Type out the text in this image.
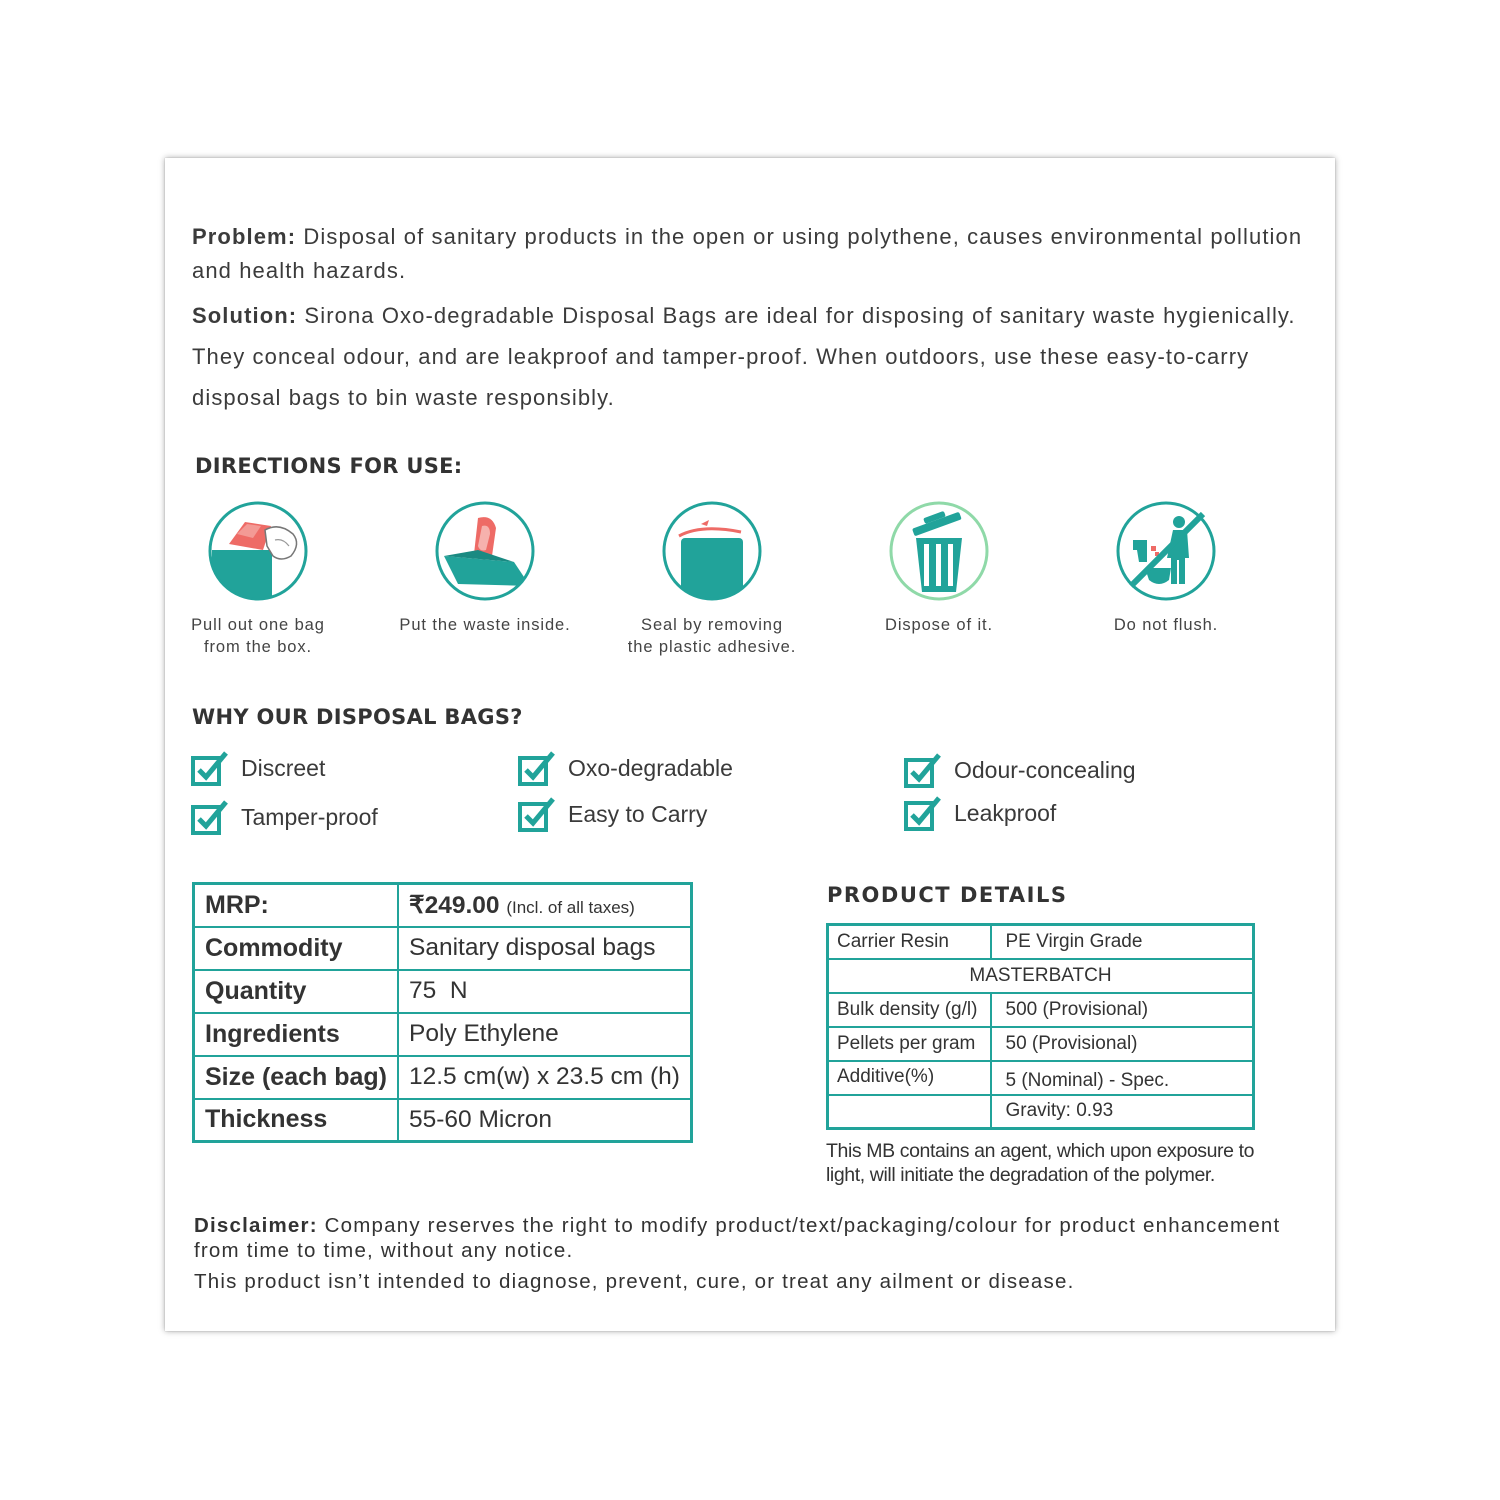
Problem: Disposal of sanitary products in the open or using polythene, causes environmental pollution and health hazards.

Solution: Sirona Oxo-degradable Disposal Bags are ideal for disposing of sanitary waste hygienically. They conceal odour, and are leakproof and tamper-proof. When outdoors, use these easy-to-carry disposal bags to bin waste responsibly.

DIRECTIONS FOR USE:
Pull out one bag
from the box.
Put the waste inside.	Seal by removing
the plastic adhesive.
Dispose of it.	Do not flush.
WHY OUR DISPOSAL BAGS?
Discreet
Tamper-proof
Oxo-degradable
Easy to Carry
Odour-concealing
Leakproof
MRP:	₹249.00 (Incl. of all taxes)
Commodity	Sanitary disposal bags
Quantity	75  N
Ingredients	Poly Ethylene
Size (each bag)	12.5 cm(w) x 23.5 cm (h)
Thickness	55-60 Micron
PRODUCT DETAILS
Carrier Resin	PE Virgin Grade
MASTERBATCH	
Bulk density (g/l)	500 (Provisional)
Pellets per gram	50 (Provisional)
Additive(%)	5 (Nominal) - Spec.
	Gravity: 0.93
This MB contains an agent, which upon exposure to light, will initiate the degradation of the polymer.

Disclaimer: Company reserves the right to modify product/text/packaging/colour for product enhancement from time to time, without any notice.

This product isn’t intended to diagnose, prevent, cure, or treat any ailment or disease.
